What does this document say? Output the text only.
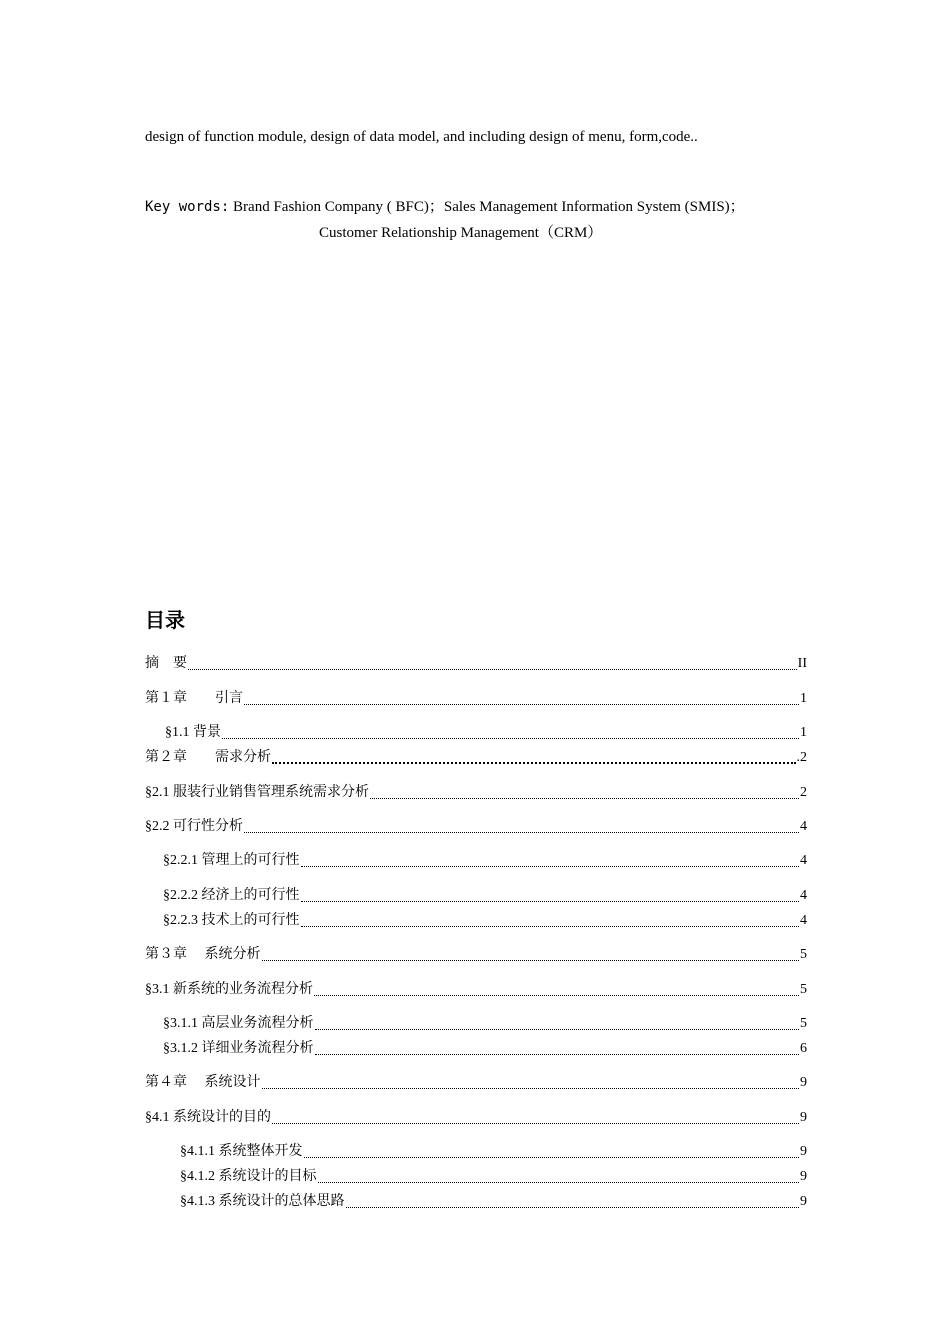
design of function module, design of data model, and including design of menu, form,code..
Key words: Brand Fashion Company ( BFC)；Sales Management Information System (SMIS)；
Customer Relationship Management（CRM）
目录
摘　要	II
第１章　　引言	1
§1.1 背景	1
第２章　　需求分析	.2
§2.1 服装行业销售管理系统需求分析	2
§2.2 可行性分析	4
§2.2.1 管理上的可行性	4
§2.2.2 经济上的可行性	4
§2.2.3 技术上的可行性	4
第３章　 系统分析	5
§3.1 新系统的业务流程分析	5
§3.1.1 高层业务流程分析	5
§3.1.2 详细业务流程分析	6
第４章　 系统设计	9
§4.1 系统设计的目的	9
§4.1.1 系统整体开发	9
§4.1.2 系统设计的目标	9
§4.1.3 系统设计的总体思路	9
